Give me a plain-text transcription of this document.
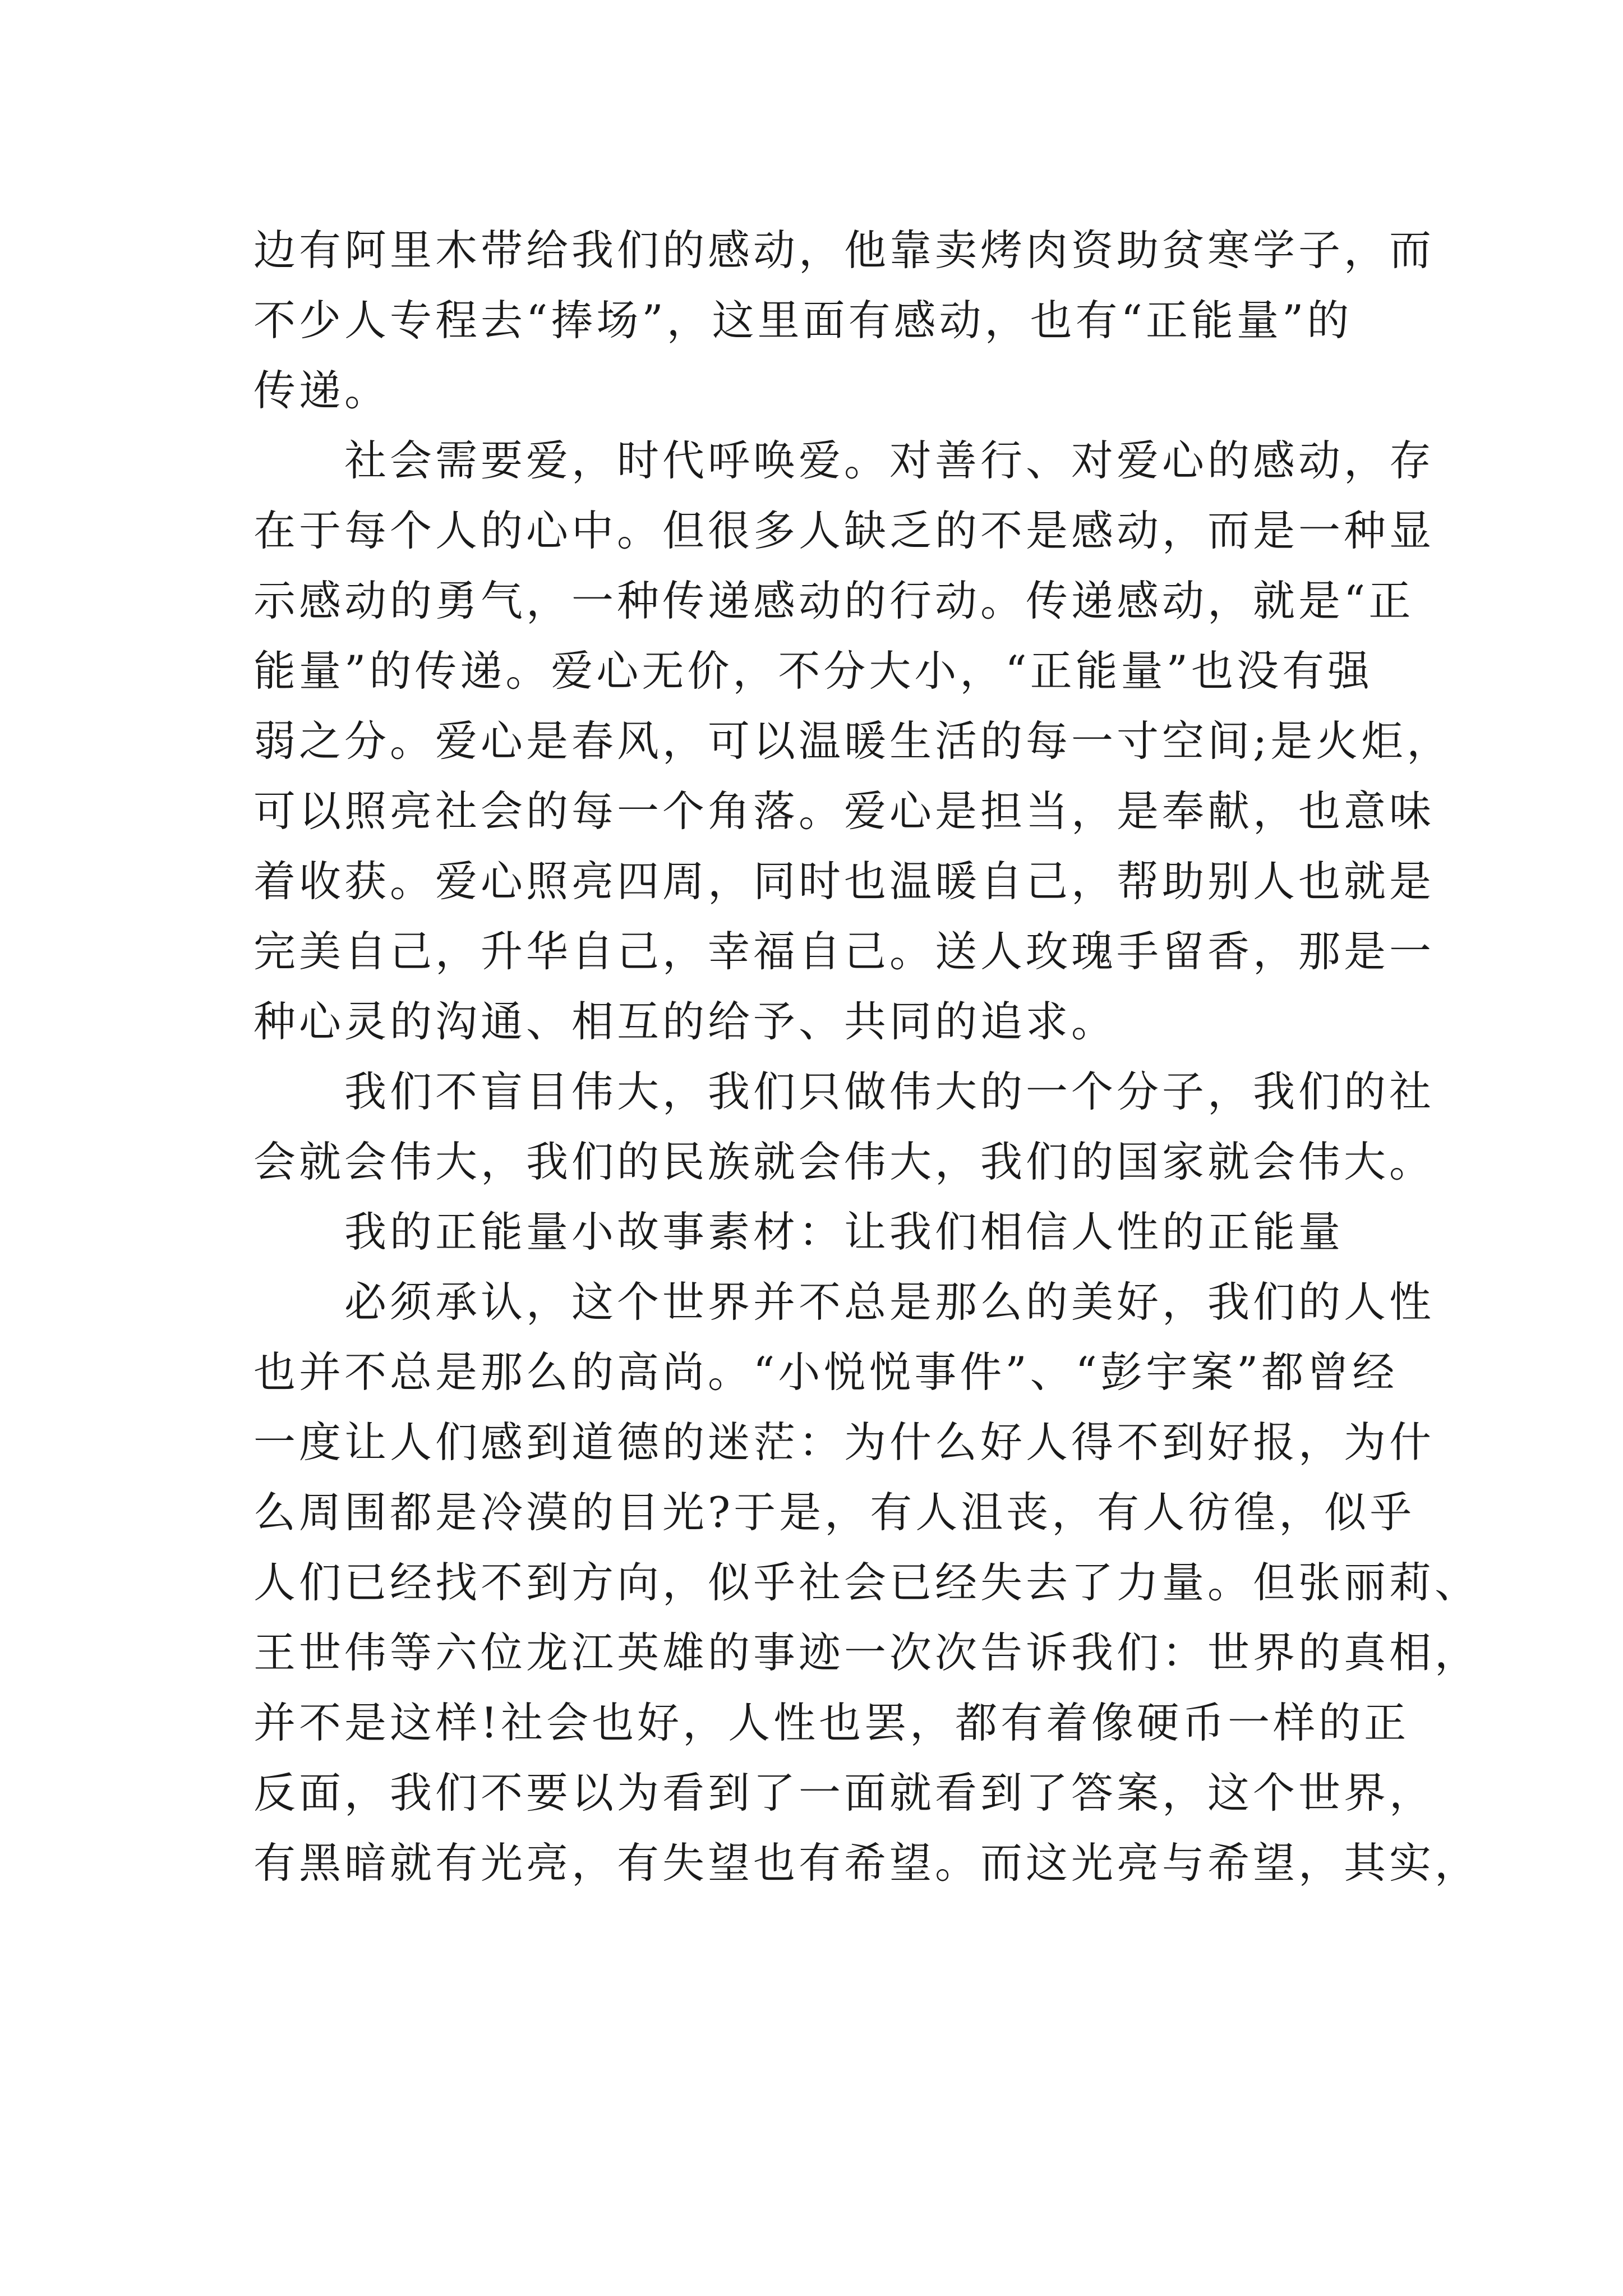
边有阿里木带给我们的感动，他靠卖烤肉资助贫寒学子，而
不少人专程去“捧场”，这里面有感动，也有“正能量”的
传递。
　　社会需要爱，时代呼唤爱。对善行、对爱心的感动，存
在于每个人的心中。但很多人缺乏的不是感动，而是一种显
示感动的勇气，一种传递感动的行动。传递感动，就是“正
能量”的传递。爱心无价，不分大小，“正能量”也没有强
弱之分。爱心是春风，可以温暖生活的每一寸空间;是火炬，
可以照亮社会的每一个角落。爱心是担当，是奉献，也意味
着收获。爱心照亮四周，同时也温暖自己，帮助别人也就是
完美自己，升华自己，幸福自己。送人玫瑰手留香，那是一
种心灵的沟通、相互的给予、共同的追求。
　　我们不盲目伟大，我们只做伟大的一个分子，我们的社
会就会伟大，我们的民族就会伟大，我们的国家就会伟大。
　　我的正能量小故事素材：让我们相信人性的正能量
　　必须承认，这个世界并不总是那么的美好，我们的人性
也并不总是那么的高尚。“小悦悦事件”、“彭宇案”都曾经
一度让人们感到道德的迷茫：为什么好人得不到好报，为什
么周围都是冷漠的目光?于是，有人沮丧，有人彷徨，似乎
人们已经找不到方向，似乎社会已经失去了力量。但张丽莉、
王世伟等六位龙江英雄的事迹一次次告诉我们：世界的真相，
并不是这样!社会也好，人性也罢，都有着像硬币一样的正
反面，我们不要以为看到了一面就看到了答案，这个世界，
有黑暗就有光亮，有失望也有希望。而这光亮与希望，其实，
